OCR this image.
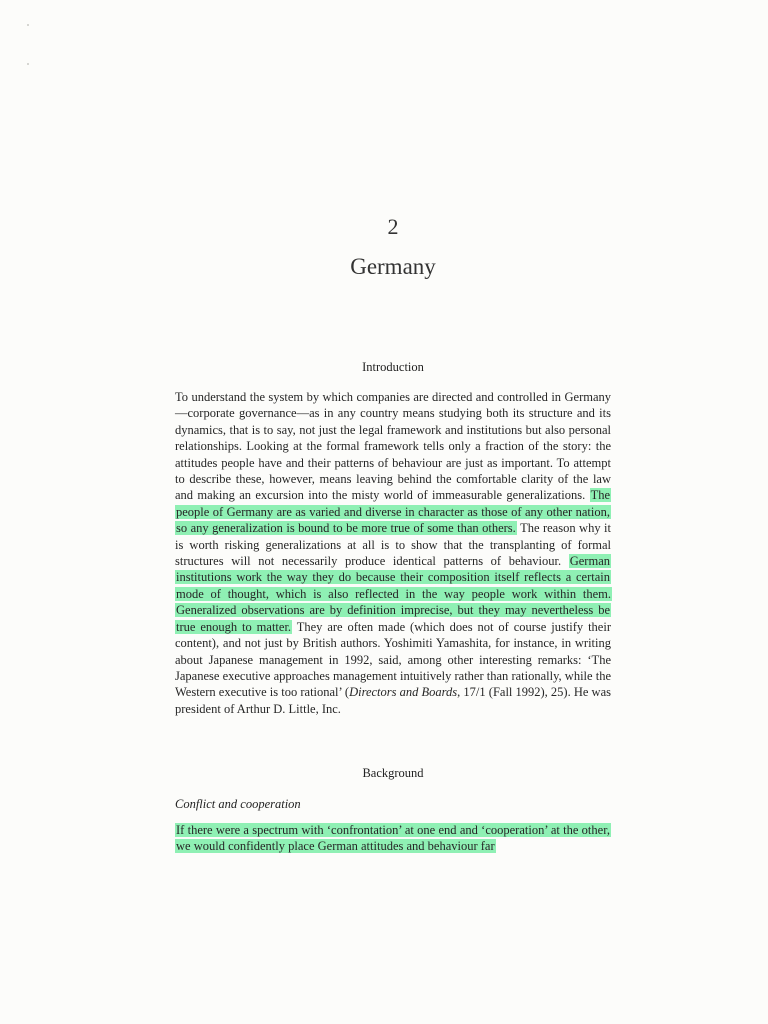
2
Germany
Introduction
To understand the system by which companies are directed and controlled in Germany—corporate governance—as in any country means studying both its structure and its dynamics, that is to say, not just the legal framework and institutions but also personal relationships. Looking at the formal framework tells only a fraction of the story: the attitudes people have and their patterns of behaviour are just as important. To attempt to describe these, however, means leaving behind the comfortable clarity of the law and making an excursion into the misty world of immeasurable generalizations. The people of Germany are as varied and diverse in character as those of any other nation, so any generalization is bound to be more true of some than others. The reason why it is worth risking generalizations at all is to show that the transplanting of formal structures will not necessarily produce identical patterns of behaviour. German institutions work the way they do because their composition itself reflects a certain mode of thought, which is also reflected in the way people work within them. Generalized observations are by definition imprecise, but they may nevertheless be true enough to matter. They are often made (which does not of course justify their content), and not just by British authors. Yoshimiti Yamashita, for instance, in writing about Japanese management in 1992, said, among other interesting remarks: ‘The Japanese executive approaches management intuitively rather than rationally, while the Western executive is too rational’ (Directors and Boards, 17/1 (Fall 1992), 25). He was president of Arthur D. Little, Inc.
Background
Conflict and cooperation
If there were a spectrum with ‘confrontation’ at one end and ‘cooperation’ at the other, we would confidently place German attitudes and behaviour far
